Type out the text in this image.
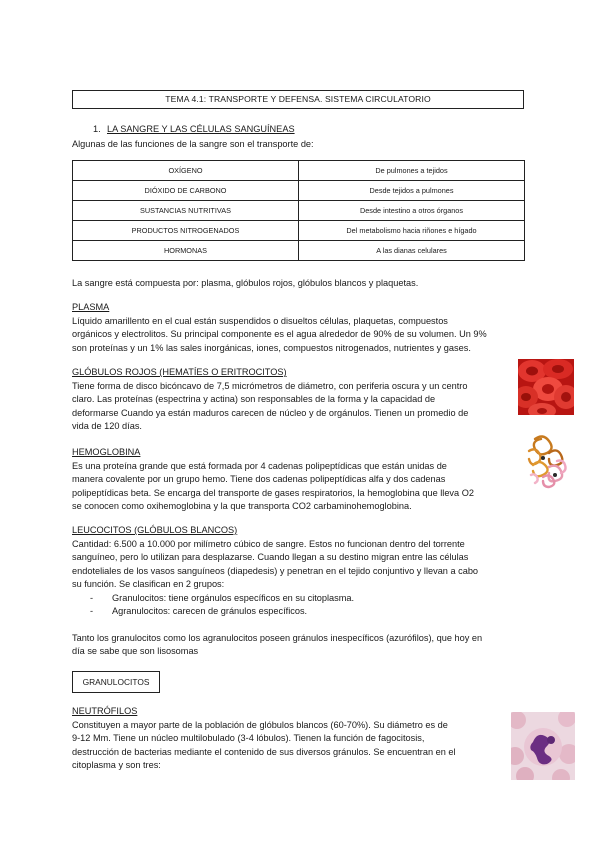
TEMA 4.1: TRANSPORTE Y DEFENSA. SISTEMA CIRCULATORIO
1. LA SANGRE Y LAS CÉLULAS SANGUÍNEAS
Algunas de las funciones de la sangre son el transporte de:
OXÍGENO	De pulmones a tejidos
DIÓXIDO DE CARBONO	Desde tejidos a pulmones
SUSTANCIAS NUTRITIVAS	Desde intestino a otros órganos
PRODUCTOS NITROGENADOS	Del metabolismo hacia riñones e hígado
HORMONAS	A las dianas celulares
La sangre está compuesta por: plasma, glóbulos rojos, glóbulos blancos y plaquetas.
PLASMA
Líquido amarillento en el cual están suspendidos o disueltos células, plaquetas, compuestos
orgánicos y electrolitos. Su principal componente es el agua alrededor de 90% de su volumen. Un 9%
son proteínas y un 1% las sales inorgánicas, iones, compuestos nitrogenados, nutrientes y gases.
GLÓBULOS ROJOS (HEMATÍES O ERITROCITOS)
Tiene forma de disco bicóncavo de 7,5 micrómetros de diámetro, con periferia oscura y un centro
claro. Las proteínas (espectrina y actina) son responsables de la forma y la capacidad de
deformarse Cuando ya están maduros carecen de núcleo y de orgánulos. Tienen un promedio de
vida de 120 días.
HEMOGLOBINA
Es una proteína grande que está formada por 4 cadenas polipeptídicas que están unidas de
manera covalente por un grupo hemo. Tiene dos cadenas polipeptídicas alfa y dos cadenas
polipeptídicas beta. Se encarga del transporte de gases respiratorios, la hemoglobina que lleva O2
se conocen como oxihemoglobina y la que transporta CO2 carbaminohemoglobina.
LEUCOCITOS (GLÓBULOS BLANCOS)
Cantidad: 6.500 a 10.000 por milímetro cúbico de sangre. Estos no funcionan dentro del torrente
sanguíneo, pero lo utilizan para desplazarse. Cuando llegan a su destino migran entre las células
endoteliales de los vasos sanguíneos (diapedesis) y penetran en el tejido conjuntivo y llevan a cabo
su función. Se clasifican en 2 grupos:
- Granulocitos: tiene orgánulos específicos en su citoplasma.
- Agranulocitos: carecen de gránulos específicos.
Tanto los granulocitos como los agranulocitos poseen gránulos inespecíficos (azurófilos), que hoy en
día se sabe que son lisosomas
GRANULOCITOS
NEUTRÓFILOS
Constituyen a mayor parte de la población de glóbulos blancos (60-70%). Su diámetro es de
9-12 Mm. Tiene un núcleo multilobulado (3-4 lóbulos). Tienen la función de fagocitosis,
destrucción de bacterias mediante el contenido de sus diversos gránulos. Se encuentran en el
citoplasma y son tres:
